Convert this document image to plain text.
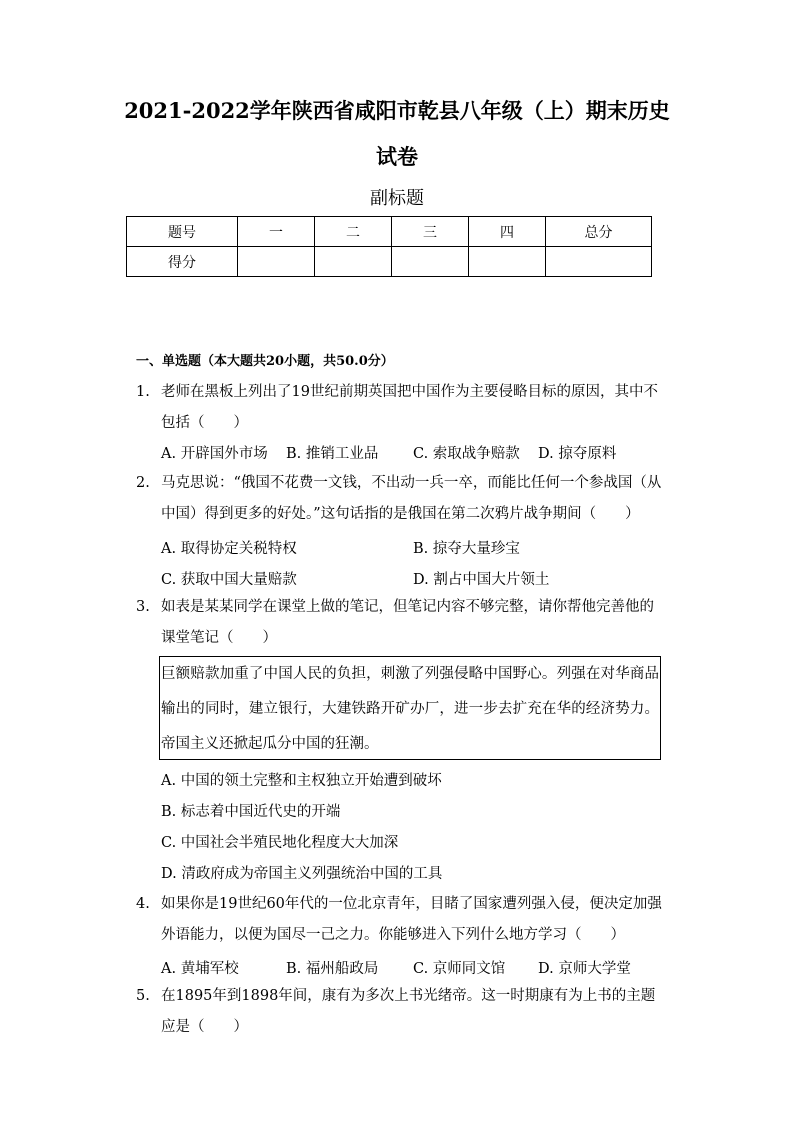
2021-2022学年陕西省咸阳市乾县八年级（上）期末历史试卷
副标题
题号	一	二	三	四	总分
得分					
一、单选题（本大题共20小题，共50.0分）
1. 老师在黑板上列出了19世纪前期英国把中国作为主要侵略目标的原因，其中不包括（　　）
A. 开辟国外市场 B. 推销工业品 C. 索取战争赔款 D. 掠夺原料
2. 马克思说：“俄国不花费一文钱，不出动一兵一卒，而能比任何一个参战国（从中国）得到更多的好处。”这句话指的是俄国在第二次鸦片战争期间（　　）
A. 取得协定关税特权	B. 掠夺大量珍宝
C. 获取中国大量赔款	D. 割占中国大片领土
3. 如表是某某同学在课堂上做的笔记，但笔记内容不够完整，请你帮他完善他的课堂笔记（　　）
巨额赔款加重了中国人民的负担，刺激了列强侵略中国野心。列强在对华商品输出的同时，建立银行，大建铁路开矿办厂，进一步去扩充在华的经济势力。帝国主义还掀起瓜分中国的狂潮。
A. 中国的领土完整和主权独立开始遭到破坏
B. 标志着中国近代史的开端
C. 中国社会半殖民地化程度大大加深
D. 清政府成为帝国主义列强统治中国的工具
4. 如果你是19世纪60年代的一位北京青年，目睹了国家遭列强入侵，便决定加强外语能力，以便为国尽一己之力。你能够进入下列什么地方学习（　　）
A. 黄埔军校	B. 福州船政局 C. 京师同文馆 D. 京师大学堂
5. 在1895年到1898年间，康有为多次上书光绪帝。这一时期康有为上书的主题应是（　　）
